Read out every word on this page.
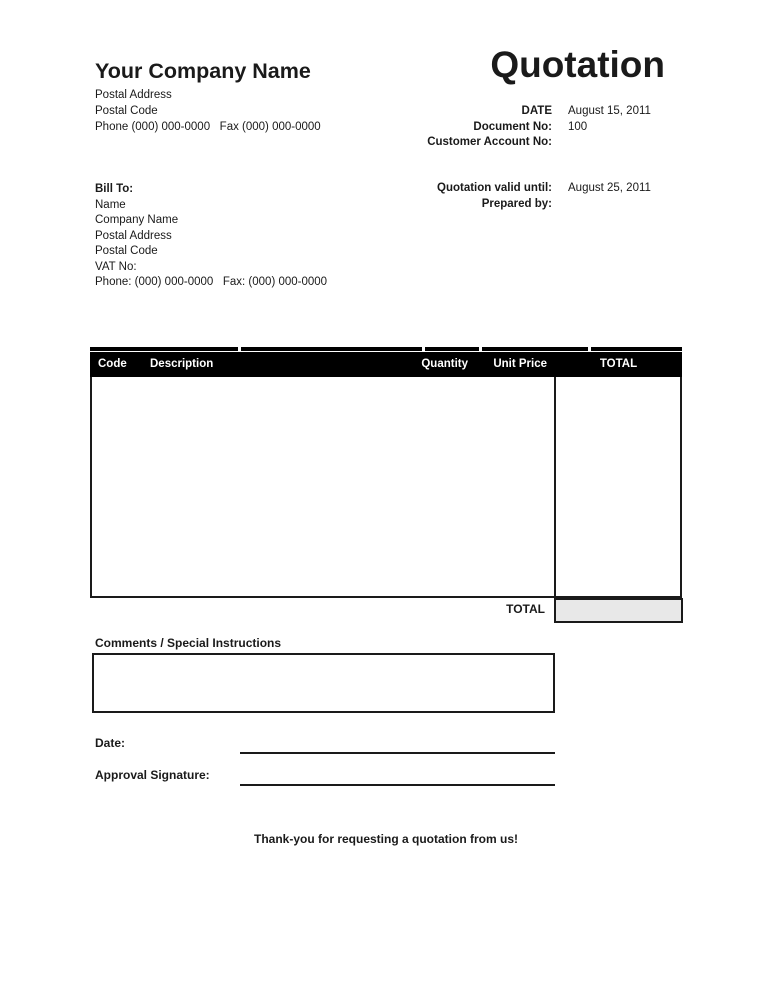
Your Company Name
Postal Address
Postal Code
Phone (000) 000-0000   Fax (000) 000-0000
Quotation
DATE August 15, 2011
Document No: 100
Customer Account No:
Bill To:
Name
Company Name
Postal Address
Postal Code
VAT No:
Phone: (000) 000-0000   Fax: (000) 000-0000
Quotation valid until: August 25, 2011
Prepared by:
Code Description	Quantity Unit Price	TOTAL
TOTAL
Comments / Special Instructions
Date:
Approval Signature:
Thank-you for requesting a quotation from us!
